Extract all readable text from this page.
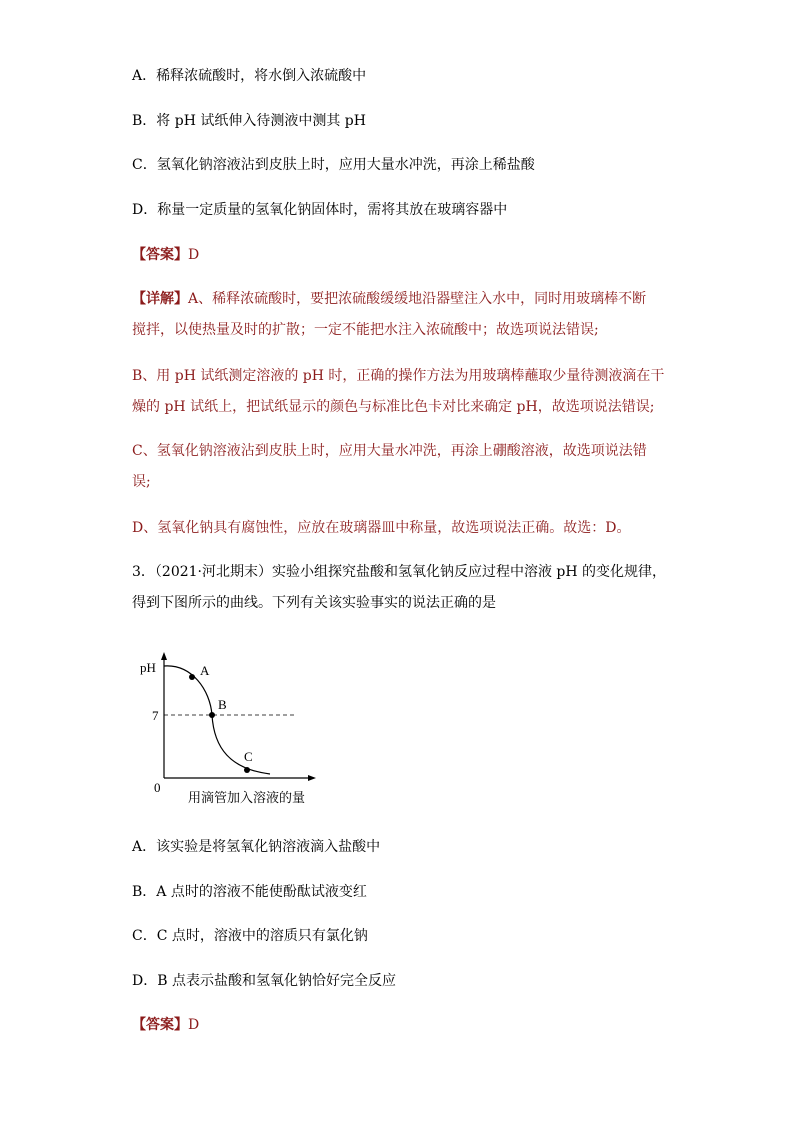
A．稀释浓硫酸时，将水倒入浓硫酸中
B．将 pH 试纸伸入待测液中测其 pH
C．氢氧化钠溶液沾到皮肤上时，应用大量水冲洗，再涂上稀盐酸
D．称量一定质量的氢氧化钠固体时，需将其放在玻璃容器中
【答案】D
【详解】A、稀释浓硫酸时，要把浓硫酸缓缓地沿器壁注入水中，同时用玻璃棒不断
搅拌，以使热量及时的扩散；一定不能把水注入浓硫酸中；故选项说法错误;
B、用 pH 试纸测定溶液的 pH 时，正确的操作方法为用玻璃棒蘸取少量待测液滴在干
燥的 pH 试纸上，把试纸显示的颜色与标准比色卡对比来确定 pH，故选项说法错误;
C、氢氧化钠溶液沾到皮肤上时，应用大量水冲洗，再涂上硼酸溶液，故选项说法错
误;
D、氢氧化钠具有腐蚀性，应放在玻璃器皿中称量，故选项说法正确。故选：D。
3．（2021·河北期末）实验小组探究盐酸和氢氧化钠反应过程中溶液 pH 的变化规律，
得到下图所示的曲线。下列有关该实验事实的说法正确的是
pH
7
0
A
B
C
用滴管加入溶液的量
A．该实验是将氢氧化钠溶液滴入盐酸中
B．A 点时的溶液不能使酚酞试液变红
C．C 点时，溶液中的溶质只有氯化钠
D．B 点表示盐酸和氢氧化钠恰好完全反应
【答案】D
